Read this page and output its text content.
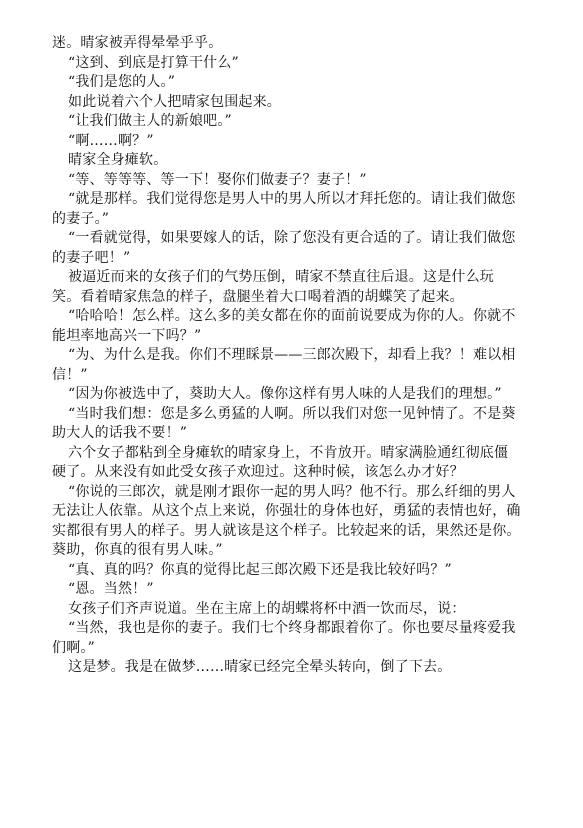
迷。晴家被弄得晕晕乎乎。

“这到、到底是打算干什么”

“我们是您的人。”

如此说着六个人把晴家包围起来。

“让我们做主人的新娘吧。”

“啊……啊？”

晴家全身瘫软。

“等、等等等、等一下！娶你们做妻子？妻子！”

“就是那样。我们觉得您是男人中的男人所以才拜托您的。请让我们做您的妻子。”

“一看就觉得，如果要嫁人的话，除了您没有更合适的了。请让我们做您的妻子吧！”

被逼近而来的女孩子们的气势压倒，晴家不禁直往后退。这是什么玩笑。看着晴家焦急的样子，盘腿坐着大口喝着酒的胡蝶笑了起来。

“哈哈哈！怎么样。这么多的美女都在你的面前说要成为你的人。你就不能坦率地高兴一下吗？”

“为、为什么是我。你们不理睬景——三郎次殿下，却看上我？！难以相信！”

“因为你被选中了，葵助大人。像你这样有男人味的人是我们的理想。”

“当时我们想：您是多么勇猛的人啊。所以我们对您一见钟情了。不是葵助大人的话我不要！”

六个女子都粘到全身瘫软的晴家身上，不肯放开。晴家满脸通红彻底僵硬了。从来没有如此受女孩子欢迎过。这种时候，该怎么办才好？

“你说的三郎次，就是刚才跟你一起的男人吗？他不行。那么纤细的男人无法让人依靠。从这个点上来说，你强壮的身体也好，勇猛的表情也好，确实都很有男人的样子。男人就该是这个样子。比较起来的话，果然还是你。葵助，你真的很有男人味。”

“真、真的吗？你真的觉得比起三郎次殿下还是我比较好吗？”

“恩。当然！”

女孩子们齐声说道。坐在主席上的胡蝶将杯中酒一饮而尽，说：

“当然，我也是你的妻子。我们七个终身都跟着你了。你也要尽量疼爱我们啊。”

这是梦。我是在做梦……晴家已经完全晕头转向，倒了下去。
